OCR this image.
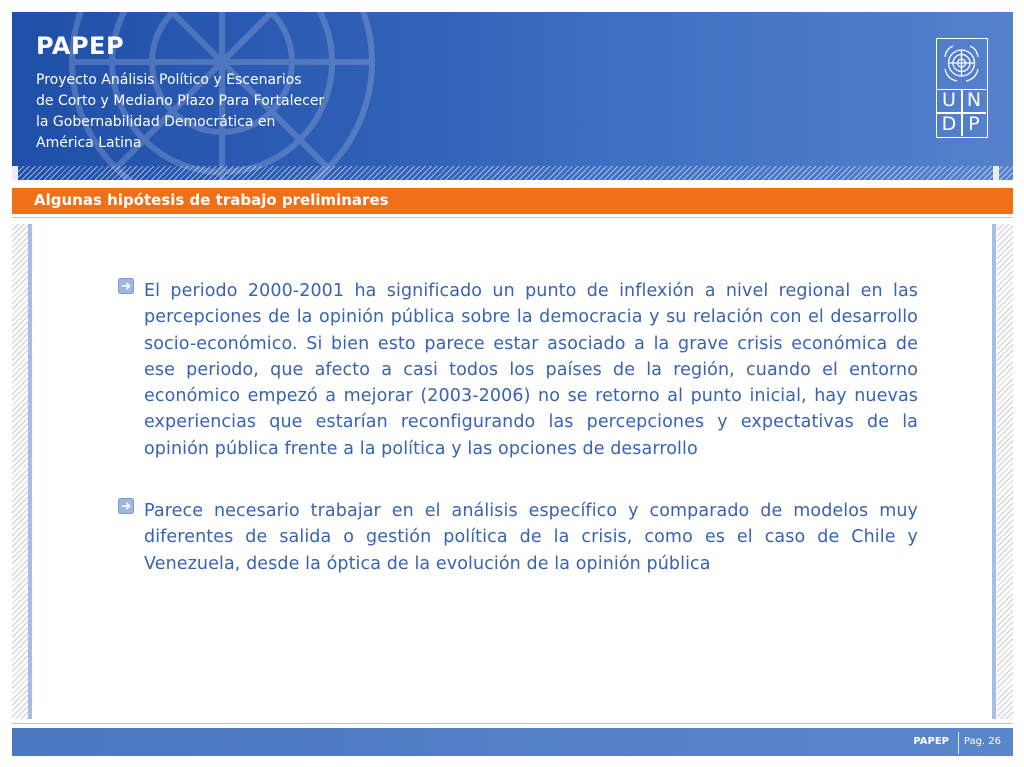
PAPEP
Proyecto Análisis Político y Escenarios
de Corto y Mediano Plazo Para Fortalecer
la Gobernabilidad Democrática en
América Latina
U N
D P
Algunas hipótesis de trabajo preliminares
El periodo 2000-2001 ha significado un punto de inflexión a nivel regional en las percepciones de la opinión pública sobre la democracia y su relación con el desarrollo socio-económico. Si bien esto parece estar asociado a la grave crisis económica de ese periodo, que afecto a casi todos los países de la región, cuando el entorno económico empezó a mejorar (2003-2006) no se retorno al punto inicial, hay nuevas experiencias que estarían reconfigurando las percepciones y expectativas de la opinión pública frente a la política y las opciones de desarrollo
Parece necesario trabajar en el análisis específico y comparado de modelos muy diferentes de salida o gestión política de la crisis, como es el caso de Chile y Venezuela, desde la óptica de la evolución de la opinión pública
PAPEP Pag. 26
